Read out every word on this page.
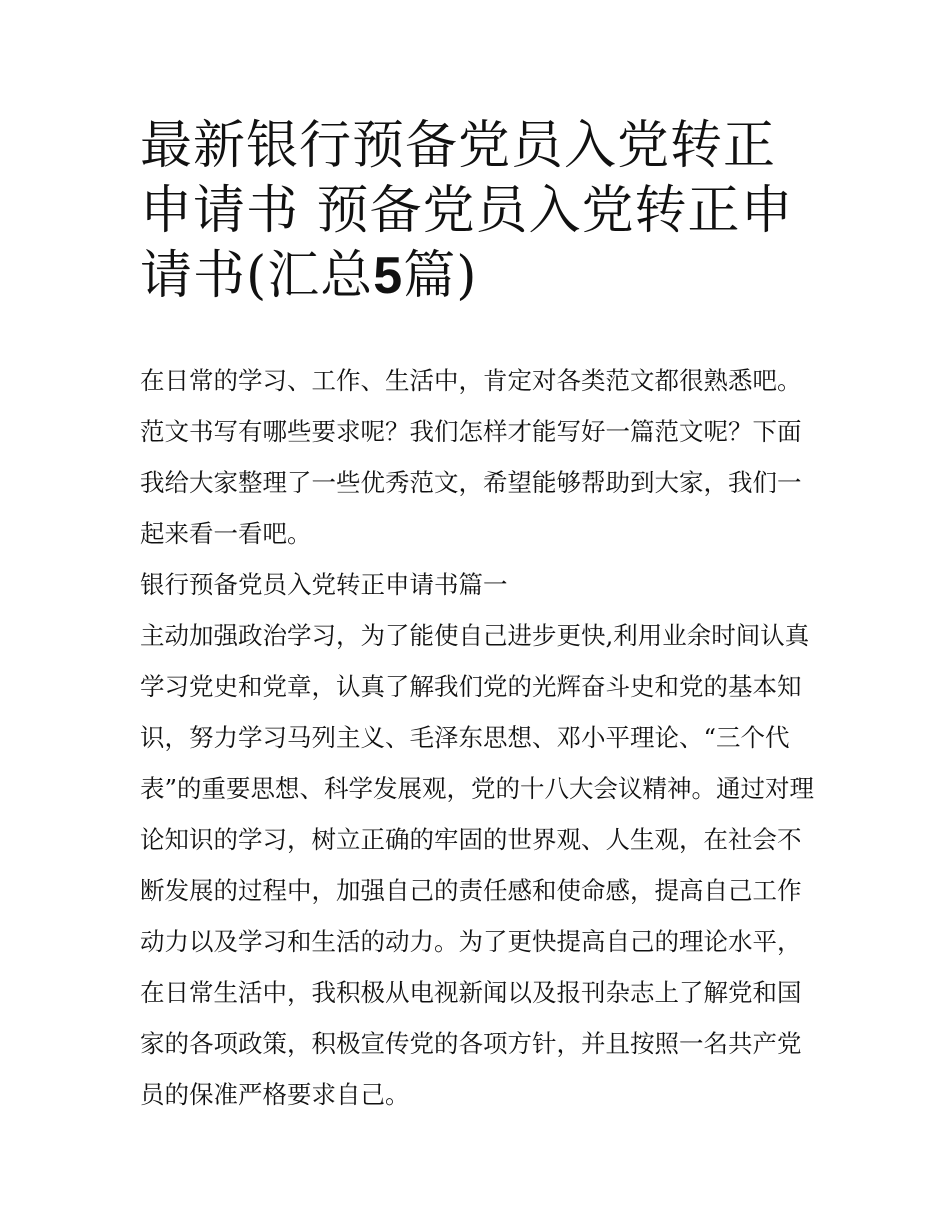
最新银行预备党员入党转正申请书 预备党员入党转正申请书(汇总5篇)

在日常的学习、工作、生活中，肯定对各类范文都很熟悉吧。范文书写有哪些要求呢？我们怎样才能写好一篇范文呢？下面我给大家整理了一些优秀范文，希望能够帮助到大家，我们一起来看一看吧。

银行预备党员入党转正申请书篇一

主动加强政治学习，为了能使自己进步更快,利用业余时间认真学习党史和党章，认真了解我们党的光辉奋斗史和党的基本知识，努力学习马列主义、毛泽东思想、邓小平理论、“三个代表”的重要思想、科学发展观，党的十八大会议精神。通过对理论知识的学习，树立正确的牢固的世界观、人生观，在社会不断发展的过程中，加强自己的责任感和使命感，提高自己工作动力以及学习和生活的动力。为了更快提高自己的理论水平，在日常生活中，我积极从电视新闻以及报刊杂志上了解党和国家的各项政策，积极宣传党的各项方针，并且按照一名共产党员的保准严格要求自己。
